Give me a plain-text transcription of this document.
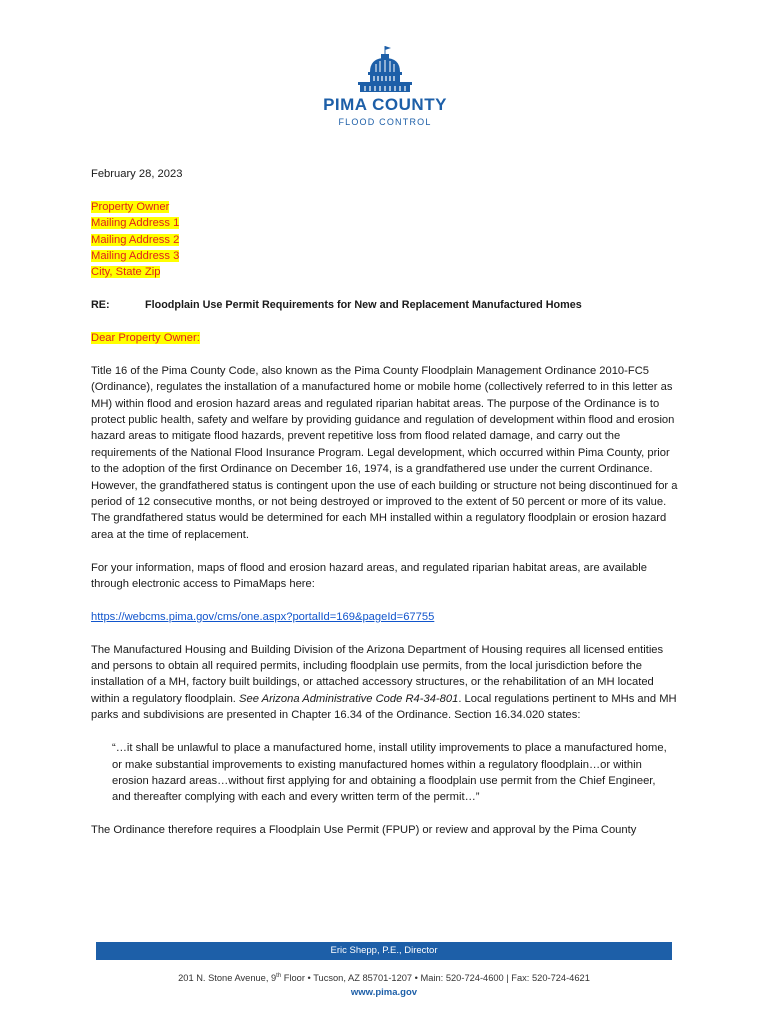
PIMA COUNTY
FLOOD CONTROL

February 28, 2023

Property Owner
Mailing Address 1
Mailing Address 2
Mailing Address 3
City, State Zip

RE:	Floodplain Use Permit Requirements for New and Replacement Manufactured Homes

Dear Property Owner:

Title 16 of the Pima County Code, also known as the Pima County Floodplain Management Ordinance 2010-FC5 (Ordinance), regulates the installation of a manufactured home or mobile home (collectively referred to in this letter as MH) within flood and erosion hazard areas and regulated riparian habitat areas. The purpose of the Ordinance is to protect public health, safety and welfare by providing guidance and regulation of development within flood and erosion hazard areas to mitigate flood hazards, prevent repetitive loss from flood related damage, and carry out the requirements of the National Flood Insurance Program. Legal development, which occurred within Pima County, prior to the adoption of the first Ordinance on December 16, 1974, is a grandfathered use under the current Ordinance. However, the grandfathered status is contingent upon the use of each building or structure not being discontinued for a period of 12 consecutive months, or not being destroyed or improved to the extent of 50 percent or more of its value. The grandfathered status would be determined for each MH installed within a regulatory floodplain or erosion hazard area at the time of replacement.

For your information, maps of flood and erosion hazard areas, and regulated riparian habitat areas, are available through electronic access to PimaMaps here:

https://webcms.pima.gov/cms/one.aspx?portalId=169&pageId=67755

The Manufactured Housing and Building Division of the Arizona Department of Housing requires all licensed entities and persons to obtain all required permits, including floodplain use permits, from the local jurisdiction before the installation of a MH, factory built buildings, or attached accessory structures, or the rehabilitation of an MH located within a regulatory floodplain. See Arizona Administrative Code R4-34-801. Local regulations pertinent to MHs and MH parks and subdivisions are presented in Chapter 16.34 of the Ordinance. Section 16.34.020 states:

“…it shall be unlawful to place a manufactured home, install utility improvements to place a manufactured home, or make substantial improvements to existing manufactured homes within a regulatory floodplain…or within erosion hazard areas…without first applying for and obtaining a floodplain use permit from the Chief Engineer, and thereafter complying with each and every written term of the permit…”

The Ordinance therefore requires a Floodplain Use Permit (FPUP) or review and approval by the Pima County

Eric Shepp, P.E., Director
201 N. Stone Avenue, 9th Floor • Tucson, AZ 85701-1207 • Main: 520-724-4600 | Fax: 520-724-4621
www.pima.gov
